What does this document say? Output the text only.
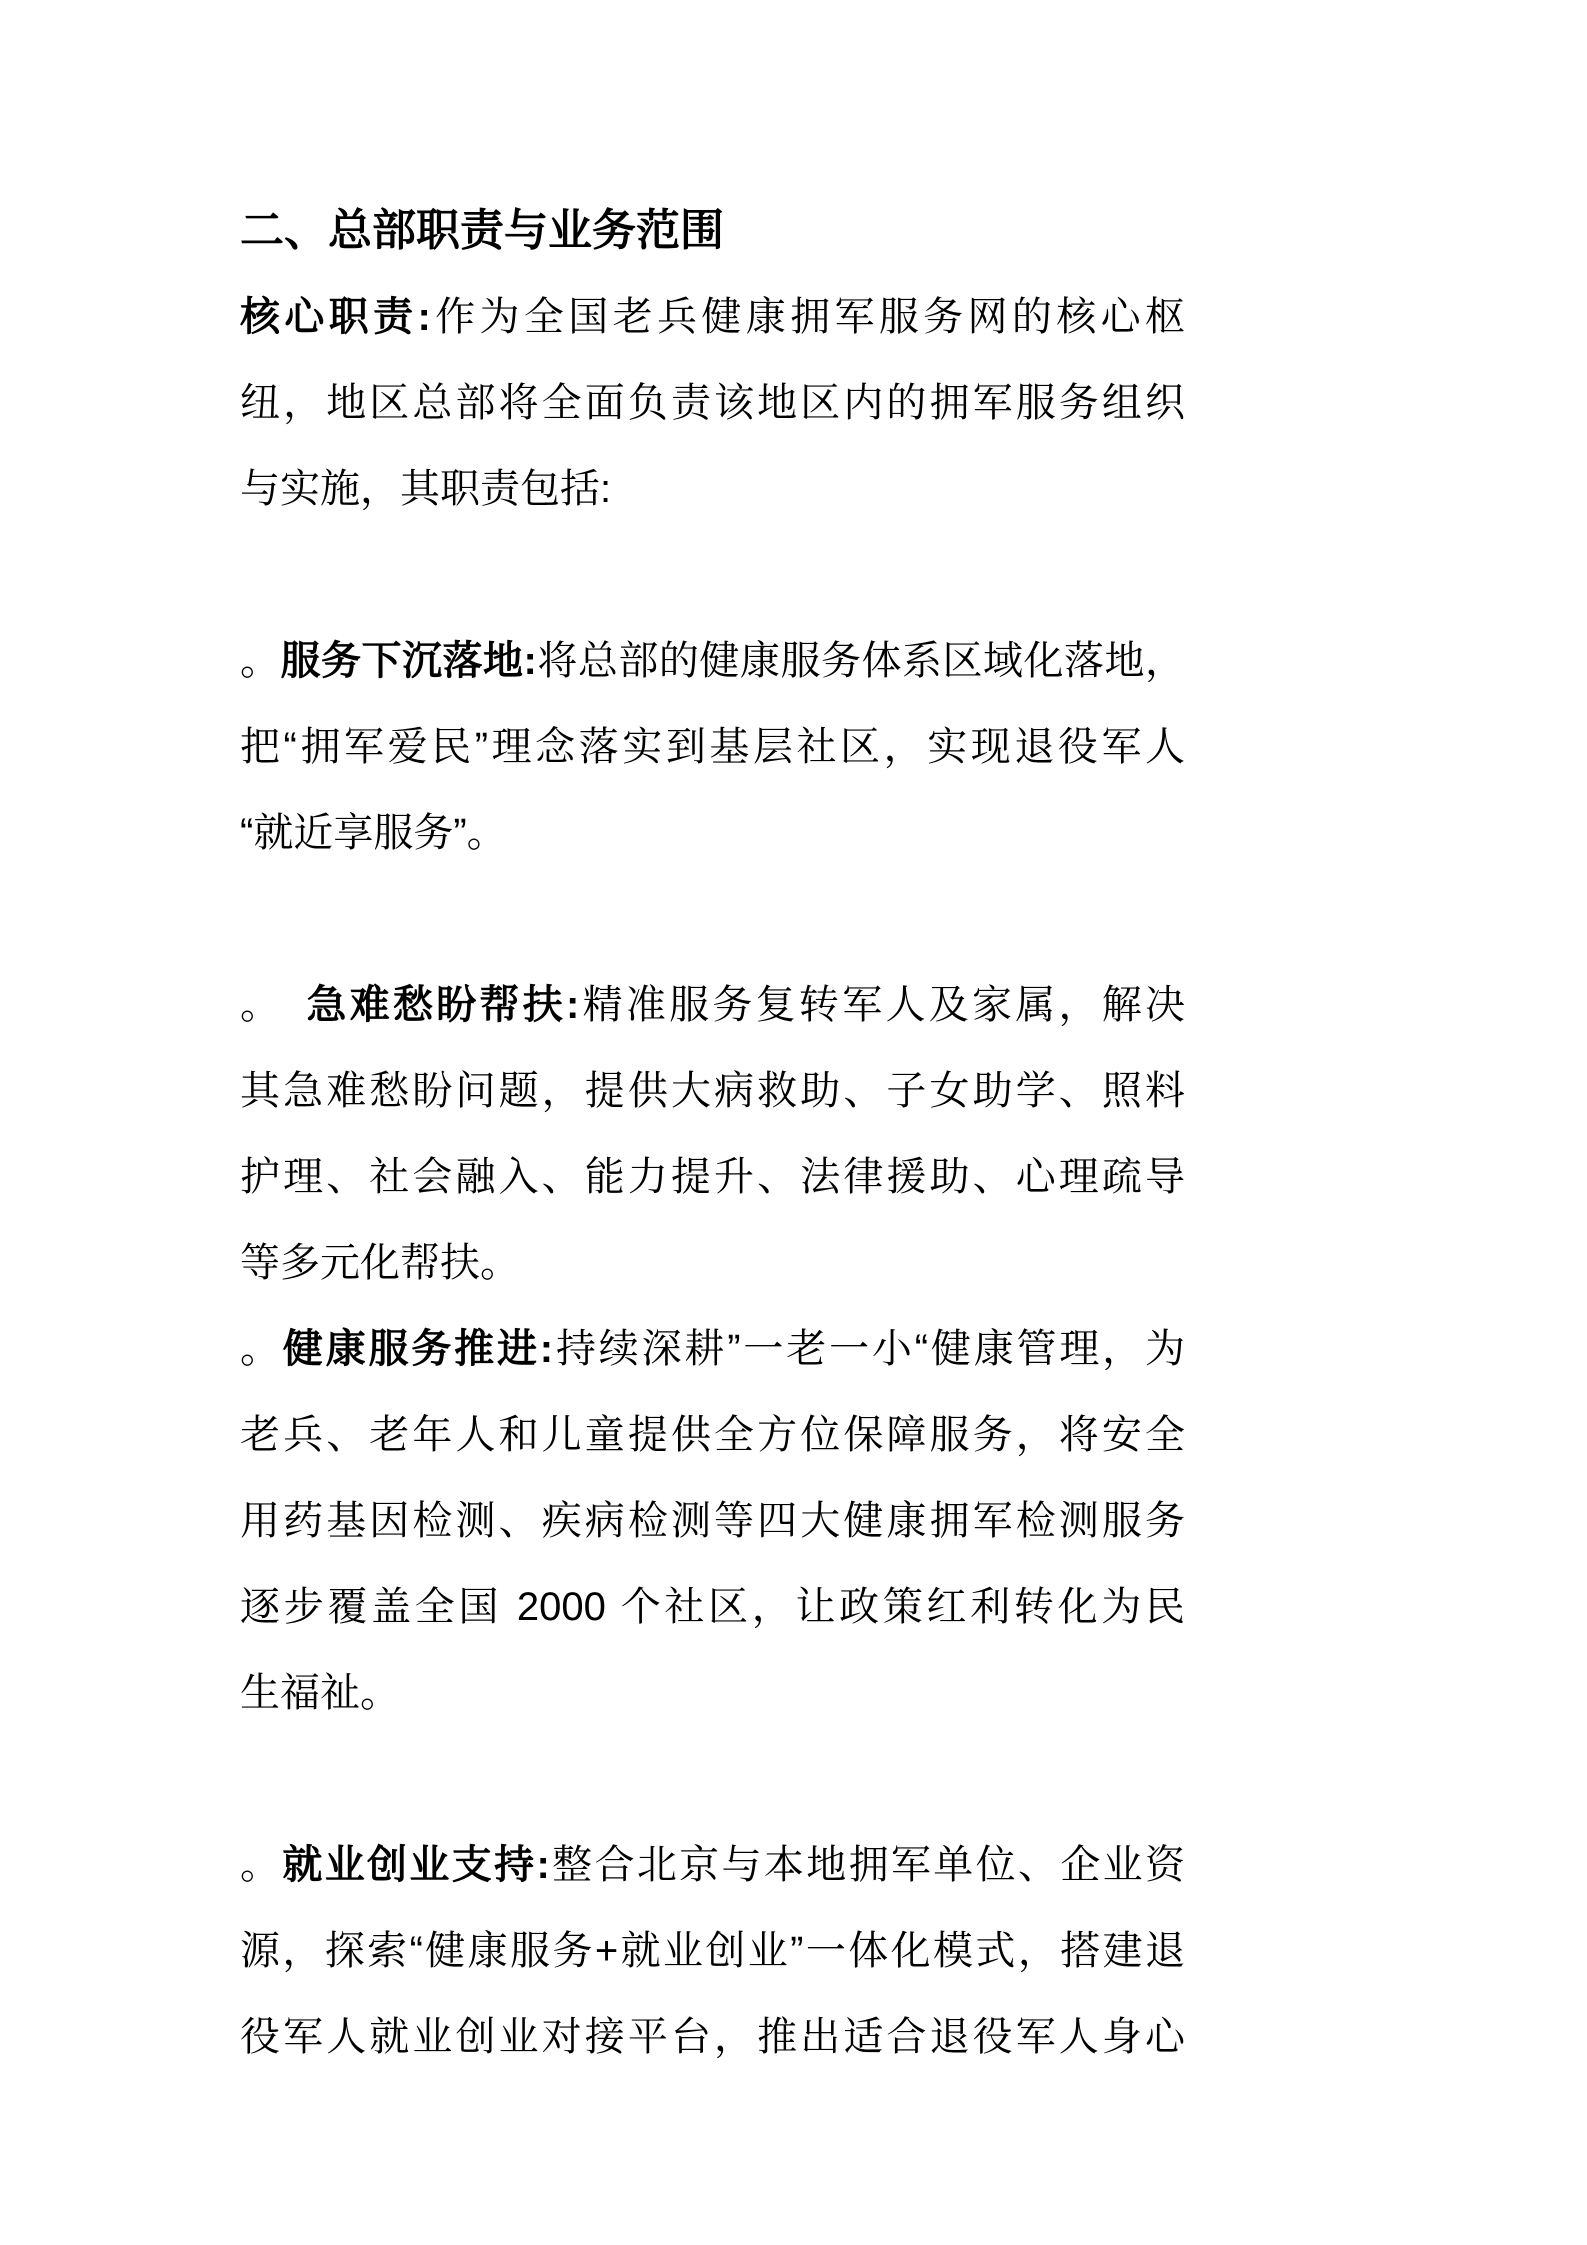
二、总部职责与业务范围
核心职责:作为全国老兵健康拥军服务网的核心枢
纽，地区总部将全面负责该地区内的拥军服务组织
与实施，其职责包括:
。服务下沉落地:将总部的健康服务体系区域化落地，
把“拥军爱民”理念落实到基层社区，实现退役军人
“就近享服务”。
。　急难愁盼帮扶:精准服务复转军人及家属，解决
其急难愁盼问题，提供大病救助、子女助学、照料
护理、社会融入、能力提升、法律援助、心理疏导
等多元化帮扶。
。健康服务推进:持续深耕”一老一小“健康管理，为
老兵、老年人和儿童提供全方位保障服务，将安全
用药基因检测、疾病检测等四大健康拥军检测服务
逐步覆盖全国 2000 个社区，让政策红利转化为民
生福祉。
。就业创业支持:整合北京与本地拥军单位、企业资
源，探索“健康服务+就业创业”一体化模式，搭建退
役军人就业创业对接平台，推出适合退役军人身心
